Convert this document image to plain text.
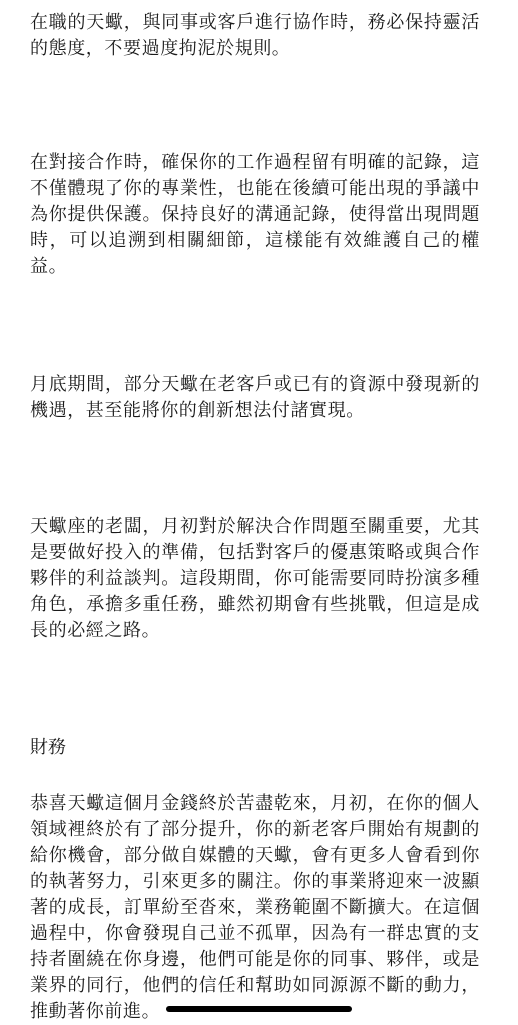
在職的天蠍，與同事或客戶進行協作時，務必保持靈活的態度，不要過度拘泥於規則。

在對接合作時，確保你的工作過程留有明確的記錄，這不僅體現了你的專業性，也能在後續可能出現的爭議中為你提供保護。保持良好的溝通記錄，使得當出現問題時，可以追溯到相關細節，這樣能有效維護自己的權益。

月底期間，部分天蠍在老客戶或已有的資源中發現新的機遇，甚至能將你的創新想法付諸實現。

天蠍座的老闆，月初對於解決合作問題至關重要，尤其是要做好投入的準備，包括對客戶的優惠策略或與合作夥伴的利益談判。這段期間，你可能需要同時扮演多種角色，承擔多重任務，雖然初期會有些挑戰，但這是成長的必經之路。

財務

恭喜天蠍這個月金錢終於苦盡乾來，月初，在你的個人領域裡終於有了部分提升，你的新老客戶開始有規劃的給你機會，部分做自媒體的天蠍，會有更多人會看到你的執著努力，引來更多的關注。你的事業將迎來一波顯著的成長，訂單紛至沓來，業務範圍不斷擴大。在這個過程中，你會發現自己並不孤單，因為有一群忠實的支持者圍繞在你身邊，他們可能是你的同事、夥伴，或是業界的同行，他們的信任和幫助如同源源不斷的動力，推動著你前進。
